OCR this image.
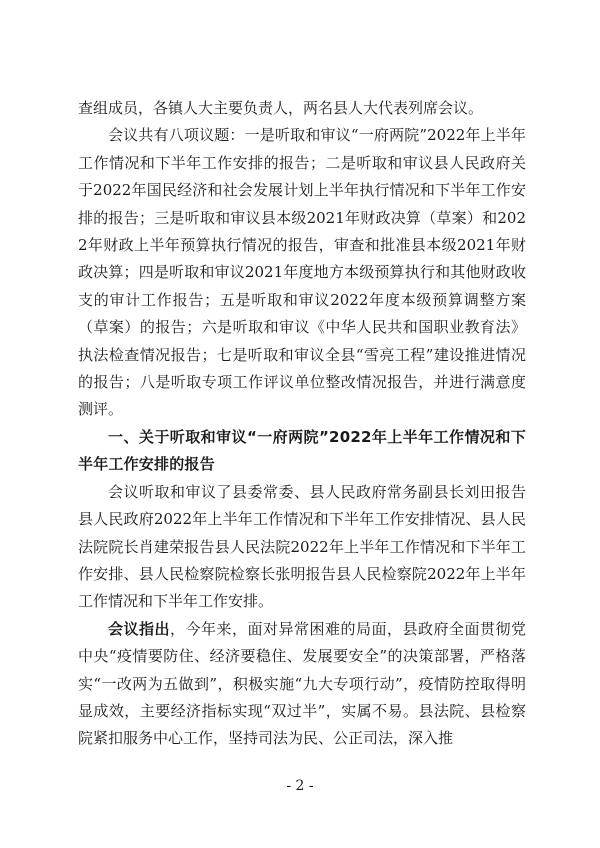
查组成员，各镇人大主要负责人，两名县人大代表列席会议。

会议共有八项议题：一是听取和审议“一府两院”2022年上半年工作情况和下半年工作安排的报告；二是听取和审议县人民政府关于2022年国民经济和社会发展计划上半年执行情况和下半年工作安排的报告；三是听取和审议县本级2021年财政决算（草案）和2022年财政上半年预算执行情况的报告，审查和批准县本级2021年财政决算；四是听取和审议2021年度地方本级预算执行和其他财政收支的审计工作报告；五是听取和审议2022年度本级预算调整方案（草案）的报告；六是听取和审议《中华人民共和国职业教育法》执法检查情况报告；七是听取和审议全县“雪亮工程”建设推进情况的报告；八是听取专项工作评议单位整改情况报告，并进行满意度测评。

一、关于听取和审议“一府两院”2022年上半年工作情况和下半年工作安排的报告

会议听取和审议了县委常委、县人民政府常务副县长刘田报告县人民政府2022年上半年工作情况和下半年工作安排情况、县人民法院院长肖建荣报告县人民法院2022年上半年工作情况和下半年工作安排、县人民检察院检察长张明报告县人民检察院2022年上半年工作情况和下半年工作安排。

会议指出，今年来，面对异常困难的局面，县政府全面贯彻党中央“疫情要防住、经济要稳住、发展要安全”的决策部署，严格落实“一改两为五做到”，积极实施“九大专项行动”，疫情防控取得明显成效，主要经济指标实现“双过半”，实属不易。县法院、县检察院紧扣服务中心工作，坚持司法为民、公正司法，深入推

- 2 -
